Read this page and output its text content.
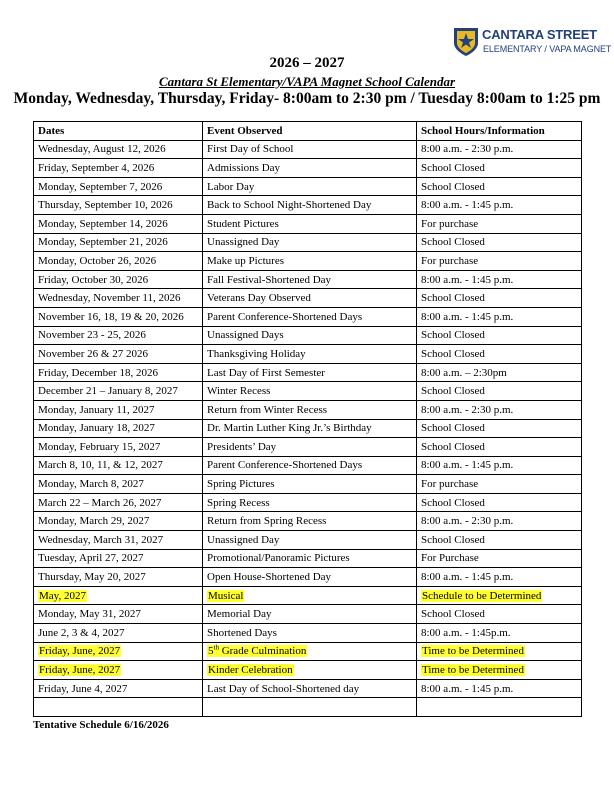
CANTARA STREET
ELEMENTARY / VAPA MAGNET
2026 – 2027
Cantara St Elementary/VAPA Magnet School Calendar
Monday, Wednesday, Thursday, Friday- 8:00am to 2:30 pm / Tuesday 8:00am to 1:25 pm
Dates	Event Observed	School Hours/Information
Wednesday, August 12, 2026	First Day of School	8:00 a.m. - 2:30 p.m.
Friday, September 4, 2026	Admissions Day	School Closed
Monday, September 7, 2026	Labor Day	School Closed
Thursday, September 10, 2026	Back to School Night-Shortened Day	8:00 a.m. - 1:45 p.m.
Monday, September 14, 2026	Student Pictures	For purchase
Monday, September 21, 2026	Unassigned Day	School Closed
Monday, October 26, 2026	Make up Pictures	For purchase
Friday, October 30, 2026	Fall Festival-Shortened Day	8:00 a.m. - 1:45 p.m.
Wednesday, November 11, 2026	Veterans Day Observed	School Closed
November 16, 18, 19 & 20, 2026	Parent Conference-Shortened Days	8:00 a.m. - 1:45 p.m.
November 23 - 25, 2026	Unassigned Days	School Closed
November 26 & 27 2026	Thanksgiving Holiday	School Closed
Friday, December 18, 2026	Last Day of First Semester	8:00 a.m. – 2:30pm
December 21 – January 8, 2027	Winter Recess	School Closed
Monday, January 11, 2027	Return from Winter Recess	8:00 a.m. - 2:30 p.m.
Monday, January 18, 2027	Dr. Martin Luther King Jr.’s Birthday	School Closed
Monday, February 15, 2027	Presidents’ Day	School Closed
March 8, 10, 11, & 12, 2027	Parent Conference-Shortened Days	8:00 a.m. - 1:45 p.m.
Monday, March 8, 2027	Spring Pictures	For purchase
March 22 – March 26, 2027	Spring Recess	School Closed
Monday, March 29, 2027	Return from Spring Recess	8:00 a.m. - 2:30 p.m.
Wednesday, March 31, 2027	Unassigned Day	School Closed
Tuesday, April 27, 2027	Promotional/Panoramic Pictures	For Purchase
Thursday, May 20, 2027	Open House-Shortened Day	8:00 a.m. - 1:45 p.m.
May, 2027	Musical	Schedule to be Determined
Monday, May 31, 2027	Memorial Day	School Closed
June 2, 3 & 4, 2027	Shortened Days	8:00 a.m. - 1:45p.m.
Friday, June, 2027	5th Grade Culmination	Time to be Determined
Friday, June, 2027	Kinder Celebration	Time to be Determined
Friday, June 4, 2027	Last Day of School-Shortened day	8:00 a.m. - 1:45 p.m.

Tentative Schedule 6/16/2026
